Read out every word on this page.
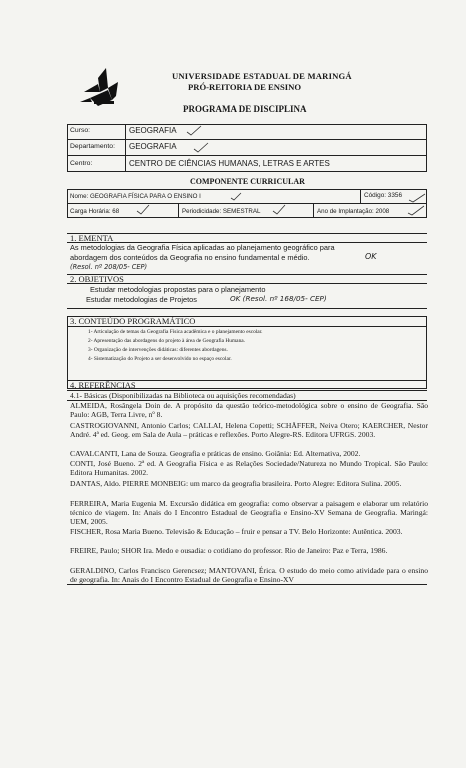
UNIVERSIDADE ESTADUAL DE MARINGÁ
PRÓ-REITORIA DE ENSINO
PROGRAMA DE DISCIPLINA
Curso:	GEOGRAFIA
Departamento: GEOGRAFIA
Centro:	CENTRO DE CIÊNCIAS HUMANAS, LETRAS E ARTES
COMPONENTE CURRICULAR
Nome: GEOGRAFIA FÍSICA PARA O ENSINO I	Código: 3356
Carga Horária: 68	Periodicidade: SEMESTRAL	Ano de Implantação: 2008
1. EMENTA
As metodologias da Geografia Física aplicadas ao planejamento geográfico para
abordagem dos conteúdos da Geografia no ensino fundamental e médio.	OK
(Resol. nº 208/05- CEP)
2. OBJETIVOS
Estudar metodologias propostas para o planejamento
Estudar metodologias de Projetos	OK (Resol. nº 168/05- CEP)
3. CONTEÚDO PROGRAMÁTICO
1- Articulação de temas da Geografia Física acadêmica e o planejamento escolar.
2- Apresentação das abordagens do projeto à área de Geografia Humana.
3- Organização de intervenções didáticas: diferentes abordagens.
4- Sistematização do Projeto a ser desenvolvido no espaço escolar.
4. REFERÊNCIAS
4.1- Básicas (Disponibilizadas na Biblioteca ou aquisições recomendadas)
ALMEIDA, Rosângela Doin de. A propósito da questão teórico-metodológica sobre o ensino de Geografia. São Paulo: AGB, Terra Livre, nº 8.
CASTROGIOVANNI, Antonio Carlos; CALLAI, Helena Copetti; SCHÄFFER, Neiva Otero; KAERCHER, Nestor André. 4ª ed. Geog. em Sala de Aula – práticas e reflexões. Porto Alegre-RS. Editora UFRGS. 2003.
CAVALCANTI, Lana de Souza. Geografia e práticas de ensino. Goiânia: Ed. Alternativa, 2002.
CONTI, José Bueno. 2ª ed. A Geografia Física e as Relações Sociedade/Natureza no Mundo Tropical. São Paulo: Editora Humanitas. 2002.
DANTAS, Aldo. PIERRE MONBEIG: um marco da geografia brasileira. Porto Alegre: Editora Sulina. 2005.
FERREIRA, Maria Eugenia M. Excursão didática em geografia: como observar a paisagem e elaborar um relatório técnico de viagem. In: Anais do I Encontro Estadual de Geografia e Ensino-XV Semana de Geografia. Maringá: UEM, 2005.
FISCHER, Rosa Maria Bueno. Televisão & Educação – fruir e pensar a TV. Belo Horizonte: Autêntica. 2003.
FREIRE, Paulo; SHOR Ira. Medo e ousadia: o cotidiano do professor. Rio de Janeiro: Paz e Terra, 1986.
GERALDINO, Carlos Francisco Gerencsez; MANTOVANI, Érica. O estudo do meio como atividade para o ensino de geografia. In: Anais do I Encontro Estadual de Geografia e Ensino-XV
